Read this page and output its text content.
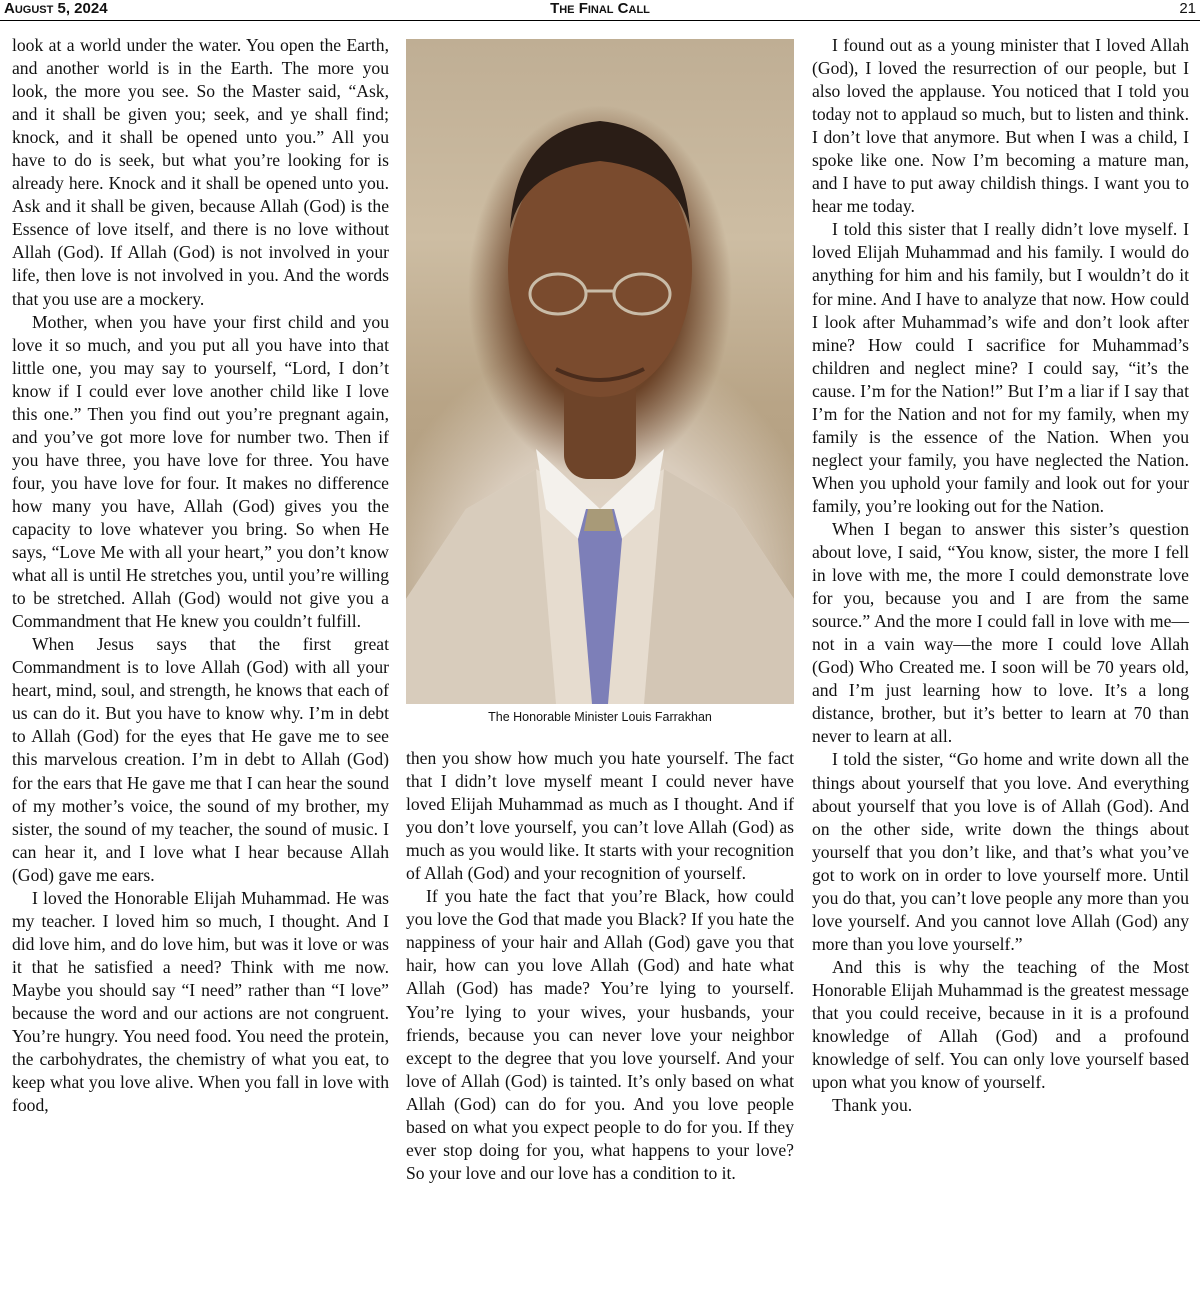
August 5, 2024	The Final Call	21

look at a world under the water. You open the Earth, and another world is in the Earth. The more you look, the more you see. So the Master said, “Ask, and it shall be given you; seek, and ye shall find; knock, and it shall be opened unto you.” All you have to do is seek, but what you’re looking for is already here. Knock and it shall be opened unto you. Ask and it shall be given, because Allah (God) is the Essence of love itself, and there is no love without Allah (God). If Allah (God) is not involved in your life, then love is not involved in you. And the words that you use are a mockery.

Mother, when you have your first child and you love it so much, and you put all you have into that little one, you may say to yourself, “Lord, I don’t know if I could ever love another child like I love this one.” Then you find out you’re pregnant again, and you’ve got more love for number two. Then if you have three, you have love for three. You have four, you have love for four. It makes no difference how many you have, Allah (God) gives you the capacity to love whatever you bring. So when He says, “Love Me with all your heart,” you don’t know what all is until He stretches you, until you’re willing to be stretched. Allah (God) would not give you a Commandment that He knew you couldn’t fulfill.

When Jesus says that the first great Commandment is to love Allah (God) with all your heart, mind, soul, and strength, he knows that each of us can do it. But you have to know why. I’m in debt to Allah (God) for the eyes that He gave me to see this marvelous creation. I’m in debt to Allah (God) for the ears that He gave me that I can hear the sound of my mother’s voice, the sound of my brother, my sister, the sound of my teacher, the sound of music. I can hear it, and I love what I hear because Allah (God) gave me ears.

I loved the Honorable Elijah Muhammad. He was my teacher. I loved him so much, I thought. And I did love him, and do love him, but was it love or was it that he satisfied a need? Think with me now. Maybe you should say “I need” rather than “I love” because the word and our actions are not congruent. You’re hungry. You need food. You need the protein, the carbohydrates, the chemistry of what you eat, to keep what you love alive. When you fall in love with food,

The Honorable Minister Louis Farrakhan

then you show how much you hate yourself. The fact that I didn’t love myself meant I could never have loved Elijah Muhammad as much as I thought. And if you don’t love yourself, you can’t love Allah (God) as much as you would like. It starts with your recognition of Allah (God) and your recognition of yourself.

If you hate the fact that you’re Black, how could you love the God that made you Black? If you hate the nappiness of your hair and Allah (God) gave you that hair, how can you love Allah (God) and hate what Allah (God) has made? You’re lying to yourself. You’re lying to your wives, your husbands, your friends, because you can never love your neighbor except to the degree that you love yourself. And your love of Allah (God) is tainted. It’s only based on what Allah (God) can do for you. And you love people based on what you expect people to do for you. If they ever stop doing for you, what happens to your love? So your love and our love has a condition to it.

I found out as a young minister that I loved Allah (God), I loved the resurrection of our people, but I also loved the applause. You noticed that I told you today not to applaud so much, but to listen and think. I don’t love that anymore. But when I was a child, I spoke like one. Now I’m becoming a mature man, and I have to put away childish things. I want you to hear me today.

I told this sister that I really didn’t love myself. I loved Elijah Muhammad and his family. I would do anything for him and his family, but I wouldn’t do it for mine. And I have to analyze that now. How could I look after Muhammad’s wife and don’t look after mine? How could I sacrifice for Muhammad’s children and neglect mine? I could say, “it’s the cause. I’m for the Nation!” But I’m a liar if I say that I’m for the Nation and not for my family, when my family is the essence of the Nation. When you neglect your family, you have neglected the Nation. When you uphold your family and look out for your family, you’re looking out for the Nation.

When I began to answer this sister’s question about love, I said, “You know, sister, the more I fell in love with me, the more I could demonstrate love for you, because you and I are from the same source.” And the more I could fall in love with me—not in a vain way—the more I could love Allah (God) Who Created me. I soon will be 70 years old, and I’m just learning how to love. It’s a long distance, brother, but it’s better to learn at 70 than never to learn at all.

I told the sister, “Go home and write down all the things about yourself that you love. And everything about yourself that you love is of Allah (God). And on the other side, write down the things about yourself that you don’t like, and that’s what you’ve got to work on in order to love yourself more. Until you do that, you can’t love people any more than you love yourself. And you cannot love Allah (God) any more than you love yourself.”

And this is why the teaching of the Most Honorable Elijah Muhammad is the greatest message that you could receive, because in it is a profound knowledge of Allah (God) and a profound knowledge of self. You can only love yourself based upon what you know of yourself.

Thank you.
